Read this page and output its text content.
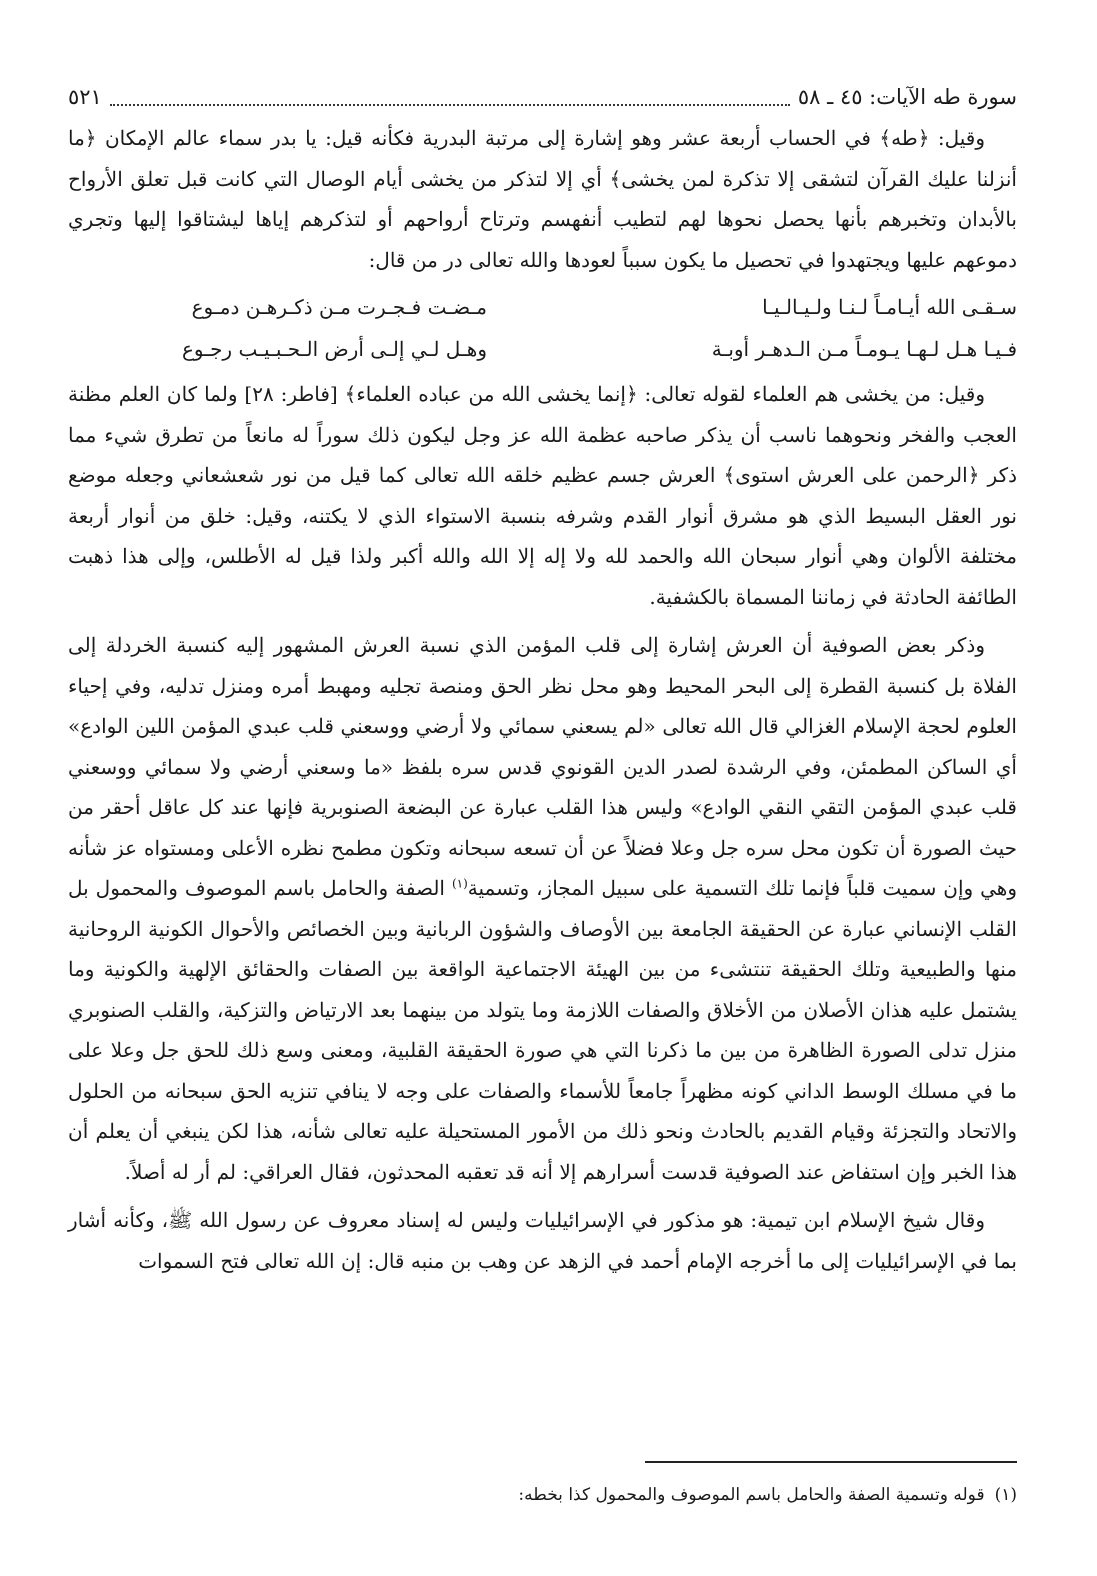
سورة طه الآيات: ٤٥ ـ ٥٨
٥٢١

وقيل: ﴿طه﴾ في الحساب أربعة عشر وهو إشارة إلى مرتبة البدرية فكأنه قيل: يا بدر سماء عالم الإمكان ﴿ما أنزلنا عليك القرآن لتشقى إلا تذكرة لمن يخشى﴾ أي إلا لتذكر من يخشى أيام الوصال التي كانت قبل تعلق الأرواح بالأبدان وتخبرهم بأنها يحصل نحوها لهم لتطيب أنفهسم وترتاح أرواحهم أو لتذكرهم إياها ليشتاقوا إليها وتجري دموعهم عليها ويجتهدوا في تحصيل ما يكون سبباً لعودها والله تعالى در من قال:

سـقـى الله أيـامـاً لـنـا ولـيـالـيـا
مـضـت فـجـرت مـن ذكـرهـن دمـوع
فـيـا هـل لـهـا يـومـاً مـن الـدهـر أوبـة
وهـل لـي إلـى أرض الـحـبـيـب رجـوع

وقيل: من يخشى هم العلماء لقوله تعالى: ﴿إنما يخشى الله من عباده العلماء﴾ [فاطر: ٢٨] ولما كان العلم مظنة العجب والفخر ونحوهما ناسب أن يذكر صاحبه عظمة الله عز وجل ليكون ذلك سوراً له مانعاً من تطرق شيء مما ذكر ﴿الرحمن على العرش استوى﴾ العرش جسم عظيم خلقه الله تعالى كما قيل من نور شعشعاني وجعله موضع نور العقل البسيط الذي هو مشرق أنوار القدم وشرفه بنسبة الاستواء الذي لا يكتنه، وقيل: خلق من أنوار أربعة مختلفة الألوان وهي أنوار سبحان الله والحمد لله ولا إله إلا الله والله أكبر ولذا قيل له الأطلس، وإلى هذا ذهبت الطائفة الحادثة في زماننا المسماة بالكشفية.

وذكر بعض الصوفية أن العرش إشارة إلى قلب المؤمن الذي نسبة العرش المشهور إليه كنسبة الخردلة إلى الفلاة بل كنسبة القطرة إلى البحر المحيط وهو محل نظر الحق ومنصة تجليه ومهبط أمره ومنزل تدليه، وفي إحياء العلوم لحجة الإسلام الغزالي قال الله تعالى «لم يسعني سمائي ولا أرضي ووسعني قلب عبدي المؤمن اللين الوادع» أي الساكن المطمئن، وفي الرشدة لصدر الدين القونوي قدس سره بلفظ «ما وسعني أرضي ولا سمائي ووسعني قلب عبدي المؤمن التقي النقي الوادع» وليس هذا القلب عبارة عن البضعة الصنوبرية فإنها عند كل عاقل أحقر من حيث الصورة أن تكون محل سره جل وعلا فضلاً عن أن تسعه سبحانه وتكون مطمح نظره الأعلى ومستواه عز شأنه وهي وإن سميت قلباً فإنما تلك التسمية على سبيل المجاز، وتسمية$^{(١)}$ الصفة والحامل باسم الموصوف والمحمول بل القلب الإنساني عبارة عن الحقيقة الجامعة بين الأوصاف والشؤون الربانية وبين الخصائص والأحوال الكونية الروحانية منها والطبيعية وتلك الحقيقة تنتشىء من بين الهيئة الاجتماعية الواقعة بين الصفات والحقائق الإلهية والكونية وما يشتمل عليه هذان الأصلان من الأخلاق والصفات اللازمة وما يتولد من بينهما بعد الارتياض والتزكية، والقلب الصنوبري منزل تدلى الصورة الظاهرة من بين ما ذكرنا التي هي صورة الحقيقة القلبية، ومعنى وسع ذلك للحق جل وعلا على ما في مسلك الوسط الداني كونه مظهراً جامعاً للأسماء والصفات على وجه لا ينافي تنزيه الحق سبحانه من الحلول والاتحاد والتجزئة وقيام القديم بالحادث ونحو ذلك من الأمور المستحيلة عليه تعالى شأنه، هذا لكن ينبغي أن يعلم أن هذا الخبر وإن استفاض عند الصوفية قدست أسرارهم إلا أنه قد تعقبه المحدثون، فقال العراقي: لم أر له أصلاً.

وقال شيخ الإسلام ابن تيمية: هو مذكور في الإسرائيليات وليس له إسناد معروف عن رسول الله ﷺ، وكأنه أشار بما في الإسرائيليات إلى ما أخرجه الإمام أحمد في الزهد عن وهب بن منبه قال: إن الله تعالى فتح السموات

(١)قوله وتسمية الصفة والحامل باسم الموصوف والمحمول كذا بخطه:
